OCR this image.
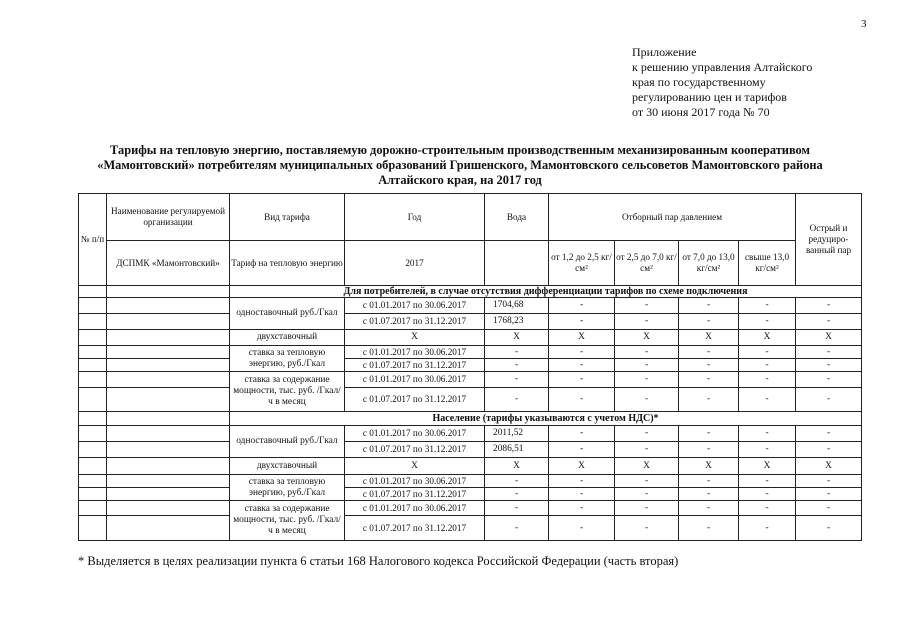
3
Приложение
к решению управления Алтайского
края по государственному
регулированию цен и тарифов
от 30 июня 2017 года № 70
Тарифы на тепловую энергию, поставляемую дорожно-строительным производственным механизированным кооперативом
«Мамонтовский» потребителям муниципальных образований Гришенского, Мамонтовского сельсоветов Мамонтовского района
Алтайского края, на 2017 год
№ п/п	Наименование регулируемой организации	Вид тарифа	Год	Вода	Отборный пар давлением				Острый и редуциро-ванный пар
	ДСПМК «Мамонтовский»	Тариф на тепловую энергию	2017		от 1,2 до 2,5 кг/см²	от 2,5 до 7,0 кг/см²	от 7,0 до 13,0 кг/см²	свыше 13,0 кг/см²	
		Для потребителей, в случае отсутствия дифференциации тарифов по схеме подключения							
		одноставочный руб./Гкал	с 01.01.2017 по 30.06.2017	1704,68	-	-	-	-	-
			с 01.07.2017 по 31.12.2017	1768,23	-	-	-	-	-
		двухставочный	X	X	X	X	X	X	X
		ставка за тепловую энергию, руб./Гкал	с 01.01.2017 по 30.06.2017	-	-	-	-	-	-
			с 01.07.2017 по 31.12.2017	-	-	-	-	-	-
		ставка за содержание мощности, тыс. руб. /Гкал/ч в месяц	с 01.01.2017 по 30.06.2017	-	-	-	-	-	-
			с 01.07.2017 по 31.12.2017	-	-	-	-	-	-
		Население (тарифы указываются с учетом НДС)*							
		одноставочный руб./Гкал	с 01.01.2017 по 30.06.2017	2011,52	-	-	-	-	-
			с 01.07.2017 по 31.12.2017	2086,51	-	-	-	-	-
		двухставочный	X	X	X	X	X	X	X
		ставка за тепловую энергию, руб./Гкал	с 01.01.2017 по 30.06.2017	-	-	-	-	-	-
			с 01.07.2017 по 31.12.2017	-	-	-	-	-	-
		ставка за содержание мощности, тыс. руб. /Гкал/ч в месяц	с 01.01.2017 по 30.06.2017	-	-	-	-	-	-
			с 01.07.2017 по 31.12.2017	-	-	-	-	-	-
* Выделяется в целях реализации пункта 6 статьи 168 Налогового кодекса Российской Федерации (часть вторая)
